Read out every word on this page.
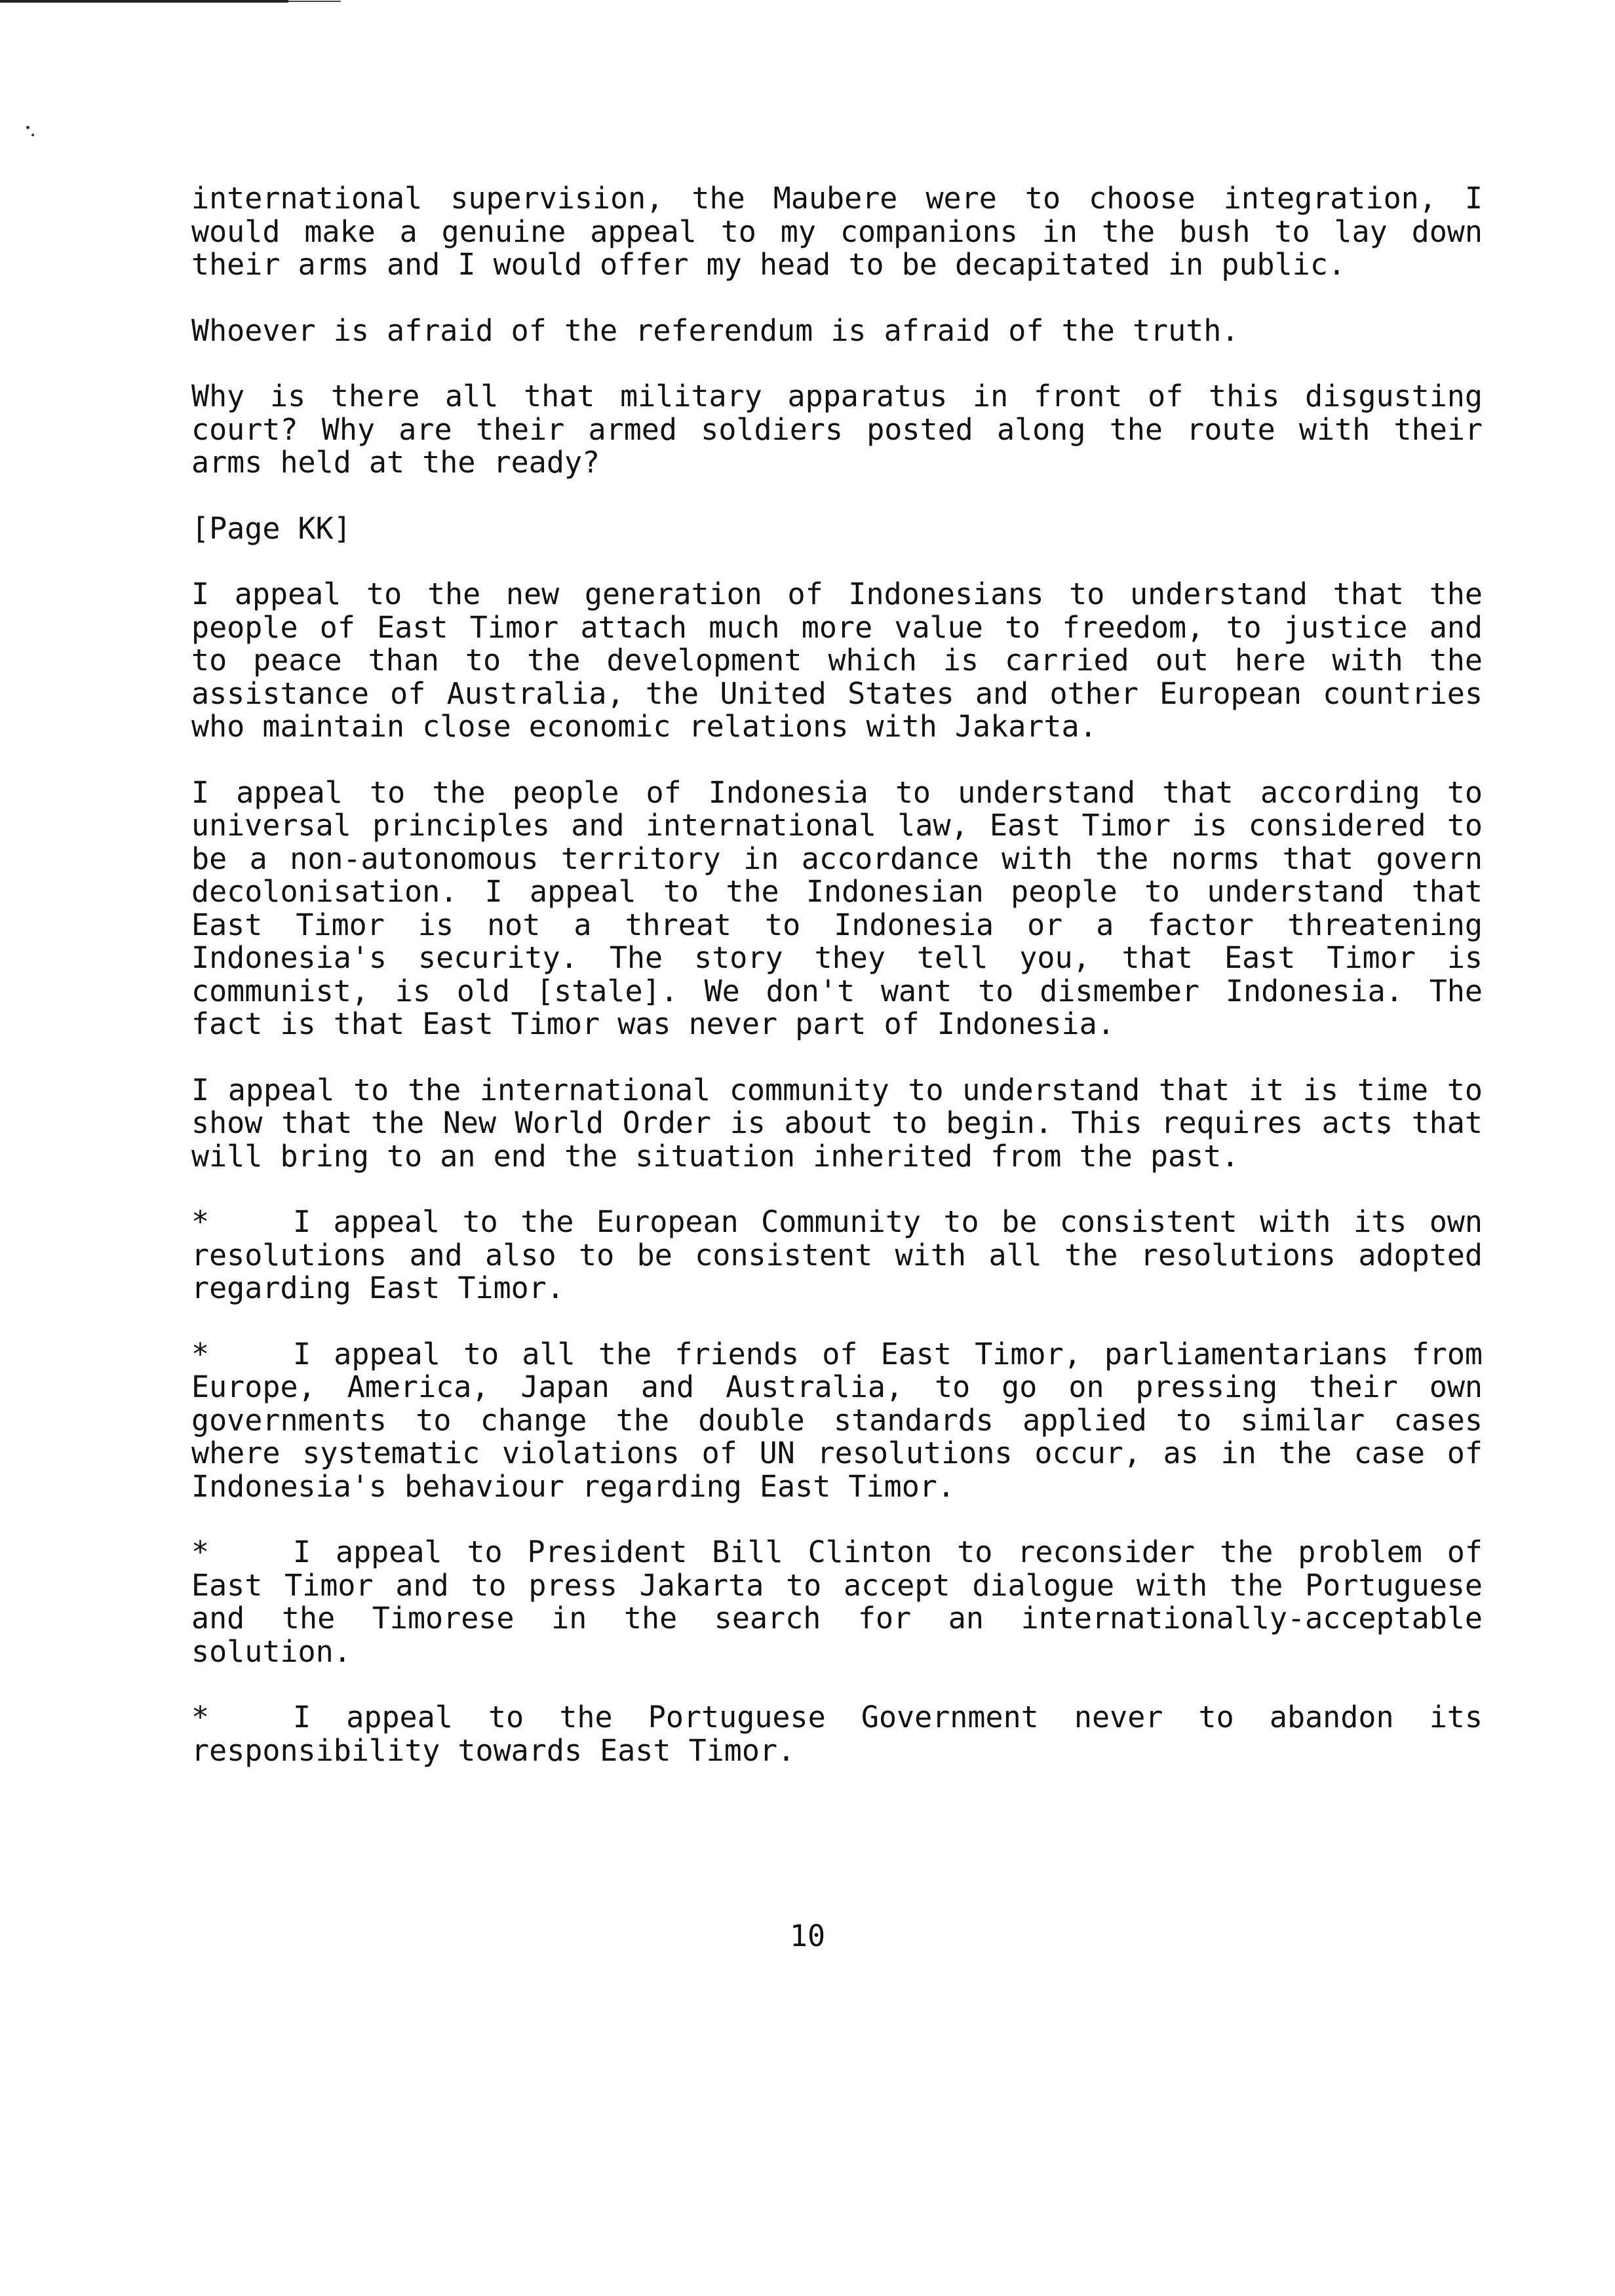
international supervision, the Maubere were to choose integration, I would make a genuine appeal to my companions in the bush to lay down their arms and I would offer my head to be decapitated in public.

Whoever is afraid of the referendum is afraid of the truth.

Why is there all that military apparatus in front of this disgusting court? Why are their armed soldiers posted along the route with their arms held at the ready?

[Page KK]

I appeal to the new generation of Indonesians to understand that the people of East Timor attach much more value to freedom, to justice and to peace than to the development which is carried out here with the assistance of Australia, the United States and other European countries who maintain close economic relations with Jakarta.

I appeal to the people of Indonesia to understand that according to universal principles and international law, East Timor is considered to be a non-autonomous territory in accordance with the norms that govern decolonisation. I appeal to the Indonesian people to understand that East Timor is not a threat to Indonesia or a factor threatening Indonesia's security. The story they tell you, that East Timor is communist, is old [stale]. We don't want to dismember Indonesia. The fact is that East Timor was never part of Indonesia.

I appeal to the international community to understand that it is time to show that the New World Order is about to begin. This requires acts that will bring to an end the situation inherited from the past.

*	I appeal to the European Community to be consistent with its own resolutions and also to be consistent with all the resolutions adopted regarding East Timor.

*	I appeal to all the friends of East Timor, parliamentarians from Europe, America, Japan and Australia, to go on pressing their own governments to change the double standards applied to similar cases where systematic violations of UN resolutions occur, as in the case of Indonesia's behaviour regarding East Timor.

*	I appeal to President Bill Clinton to reconsider the problem of East Timor and to press Jakarta to accept dialogue with the Portuguese and the Timorese in the search for an internationally-acceptable solution.

*	I appeal to the Portuguese Government never to abandon its responsibility towards East Timor.

10
